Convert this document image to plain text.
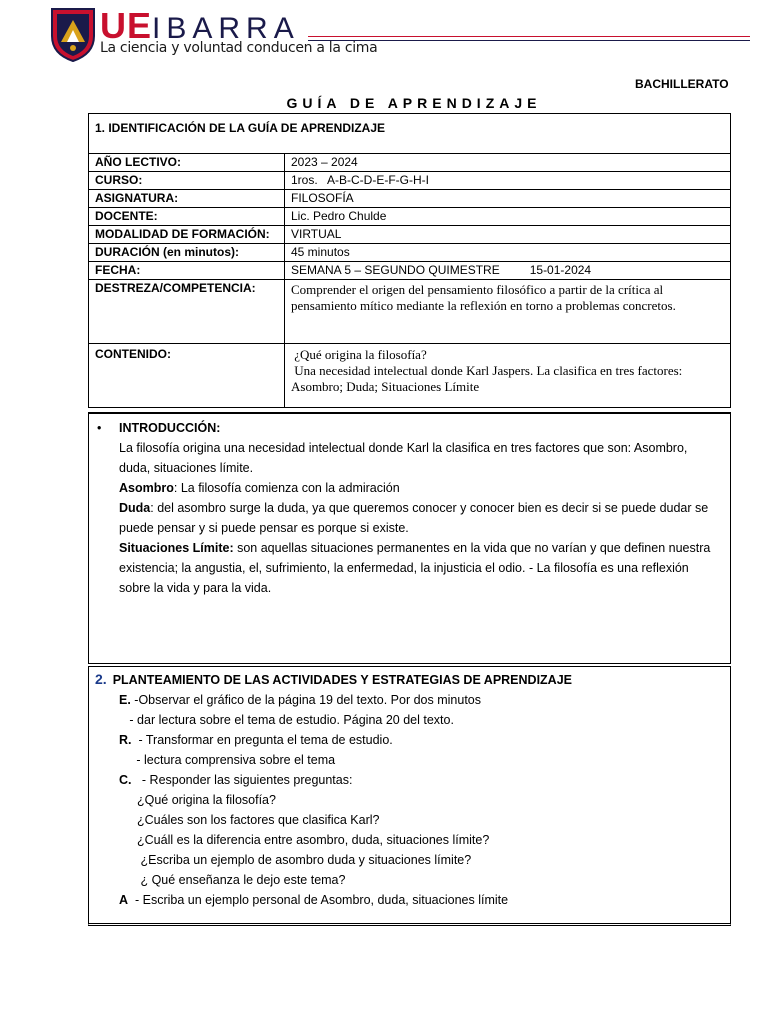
UEIBARRA
La ciencia y voluntad conducen a la cima
BACHILLERATO
GUÍA DE APRENDIZAJE
1. IDENTIFICACIÓN DE LA GUÍA DE APRENDIZAJE
AÑO LECTIVO:	2023 – 2024
CURSO:	1ros.   A-B-C-D-E-F-G-H-I
ASIGNATURA:	FILOSOFÍA
DOCENTE:	Lic. Pedro Chulde
MODALIDAD DE FORMACIÓN:	VIRTUAL
DURACIÓN (en minutos):	45 minutos
FECHA:	SEMANA 5 – SEGUNDO QUIMESTRE         15-01-2024
DESTREZA/COMPETENCIA:	Comprender el origen del pensamiento filosófico a partir de la crítica al pensamiento mítico mediante la reflexión en torno a problemas concretos.
CONTENIDO:	¿Qué origina la filosofía?
Una necesidad intelectual donde Karl Jaspers. La clasifica en tres factores: Asombro; Duda; Situaciones Límite
• INTRODUCCIÓN:
La filosofía origina una necesidad intelectual donde Karl la clasifica en tres factores que son: Asombro, duda, situaciones límite.
Asombro: La filosofía comienza con la admiración
Duda: del asombro surge la duda, ya que queremos conocer y conocer bien es decir si se puede dudar se puede pensar y si puede pensar es porque si existe.
Situaciones Límite: son aquellas situaciones permanentes en la vida que no varían y que definen nuestra existencia; la angustia, el, sufrimiento, la enfermedad, la injusticia el odio. - La filosofía es una reflexión sobre la vida y para la vida.
2. PLANTEAMIENTO DE LAS ACTIVIDADES Y ESTRATEGIAS DE APRENDIZAJE
E. -Observar el gráfico de la página 19 del texto. Por dos minutos
- dar lectura sobre el tema de estudio. Página 20 del texto.
R.  - Transformar en pregunta el tema de estudio.
- lectura comprensiva sobre el tema
C.   - Responder las siguientes preguntas:
¿Qué origina la filosofía?
¿Cuáles son los factores que clasifica Karl?
¿Cuáll es la diferencia entre asombro, duda, situaciones límite?
¿Escriba un ejemplo de asombro duda y situaciones límite?
¿ Qué enseñanza le dejo este tema?
A  - Escriba un ejemplo personal de Asombro, duda, situaciones límite
